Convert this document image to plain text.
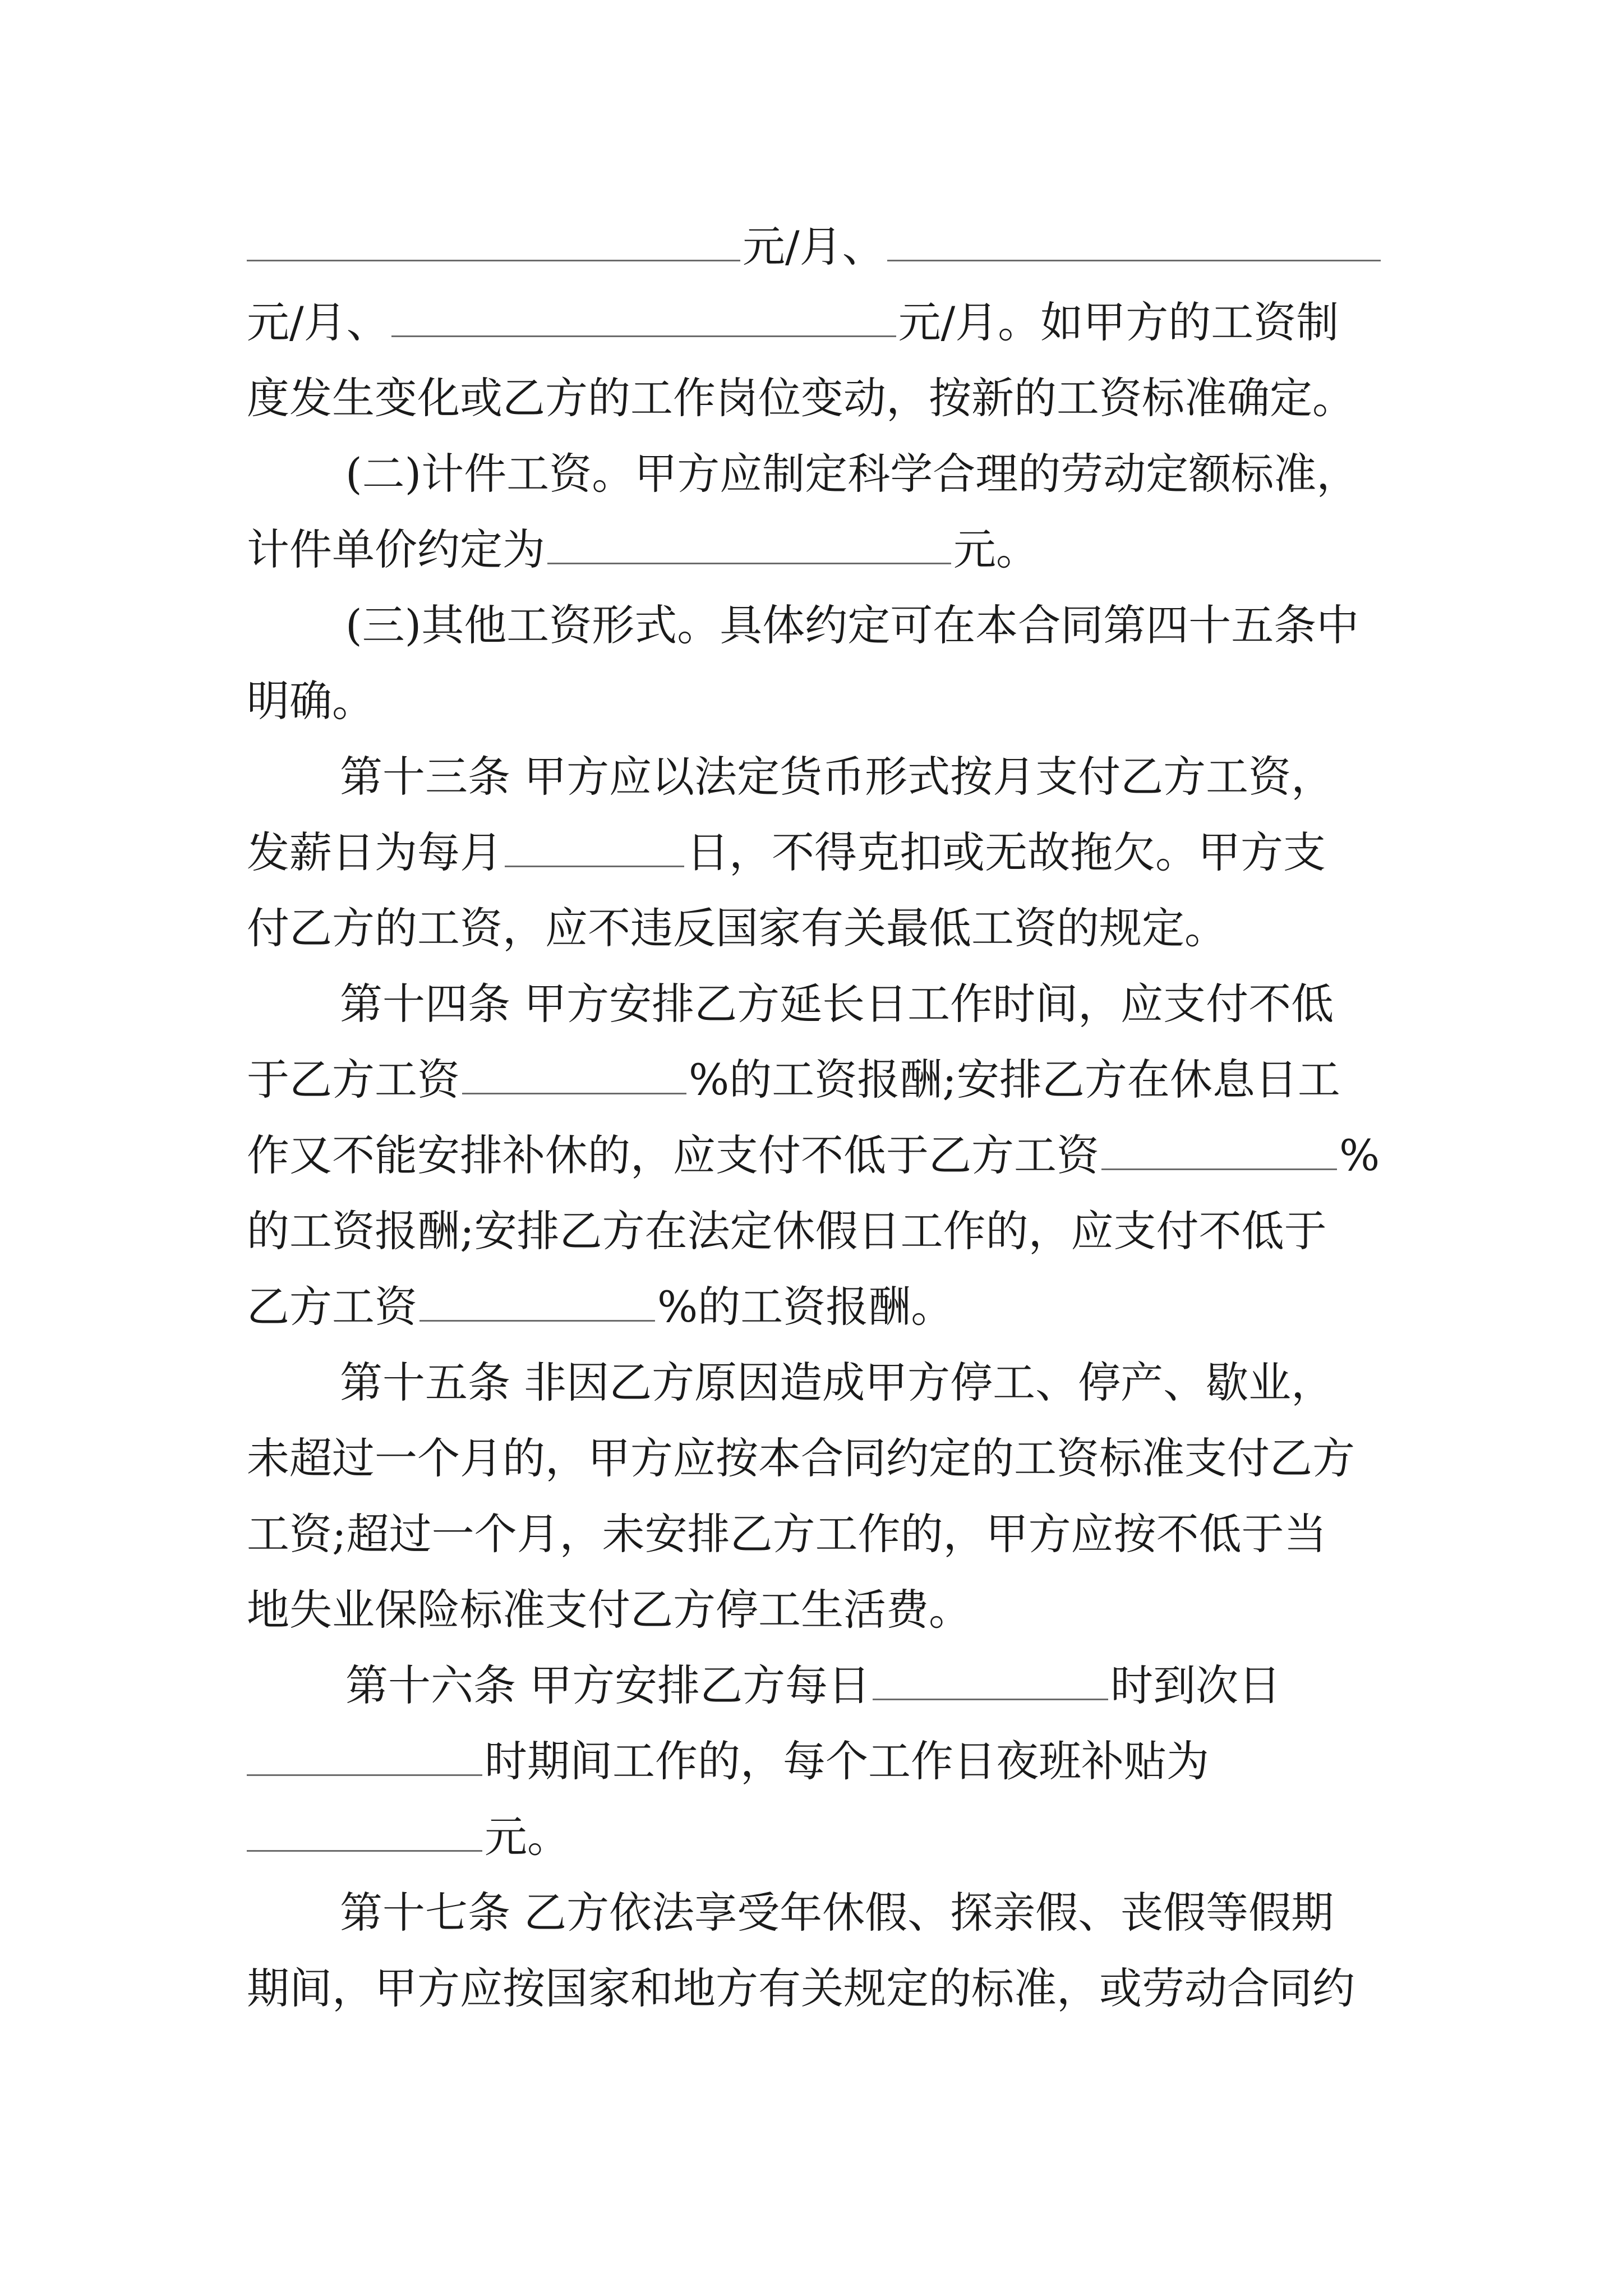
元/月、
元/月、	元/月。如甲方的工资制
度发生变化或乙方的工作岗位变动，按新的工资标准确定。
(二)计件工资。甲方应制定科学合理的劳动定额标准，
计件单价约定为	元。
(三)其他工资形式。具体约定可在本合同第四十五条中
明确。
第十三条 甲方应以法定货币形式按月支付乙方工资，
发薪日为每月	日，不得克扣或无故拖欠。甲方支
付乙方的工资，应不违反国家有关最低工资的规定。
第十四条 甲方安排乙方延长日工作时间，应支付不低
于乙方工资	%的工资报酬;安排乙方在休息日工
作又不能安排补休的，应支付不低于乙方工资	%
的工资报酬;安排乙方在法定休假日工作的，应支付不低于
乙方工资	%的工资报酬。
第十五条 非因乙方原因造成甲方停工、停产、歇业，
未超过一个月的，甲方应按本合同约定的工资标准支付乙方
工资;超过一个月，未安排乙方工作的，甲方应按不低于当
地失业保险标准支付乙方停工生活费。
第十六条 甲方安排乙方每日	时到次日
时期间工作的，每个工作日夜班补贴为
元。
第十七条 乙方依法享受年休假、探亲假、丧假等假期
期间，甲方应按国家和地方有关规定的标准，或劳动合同约
